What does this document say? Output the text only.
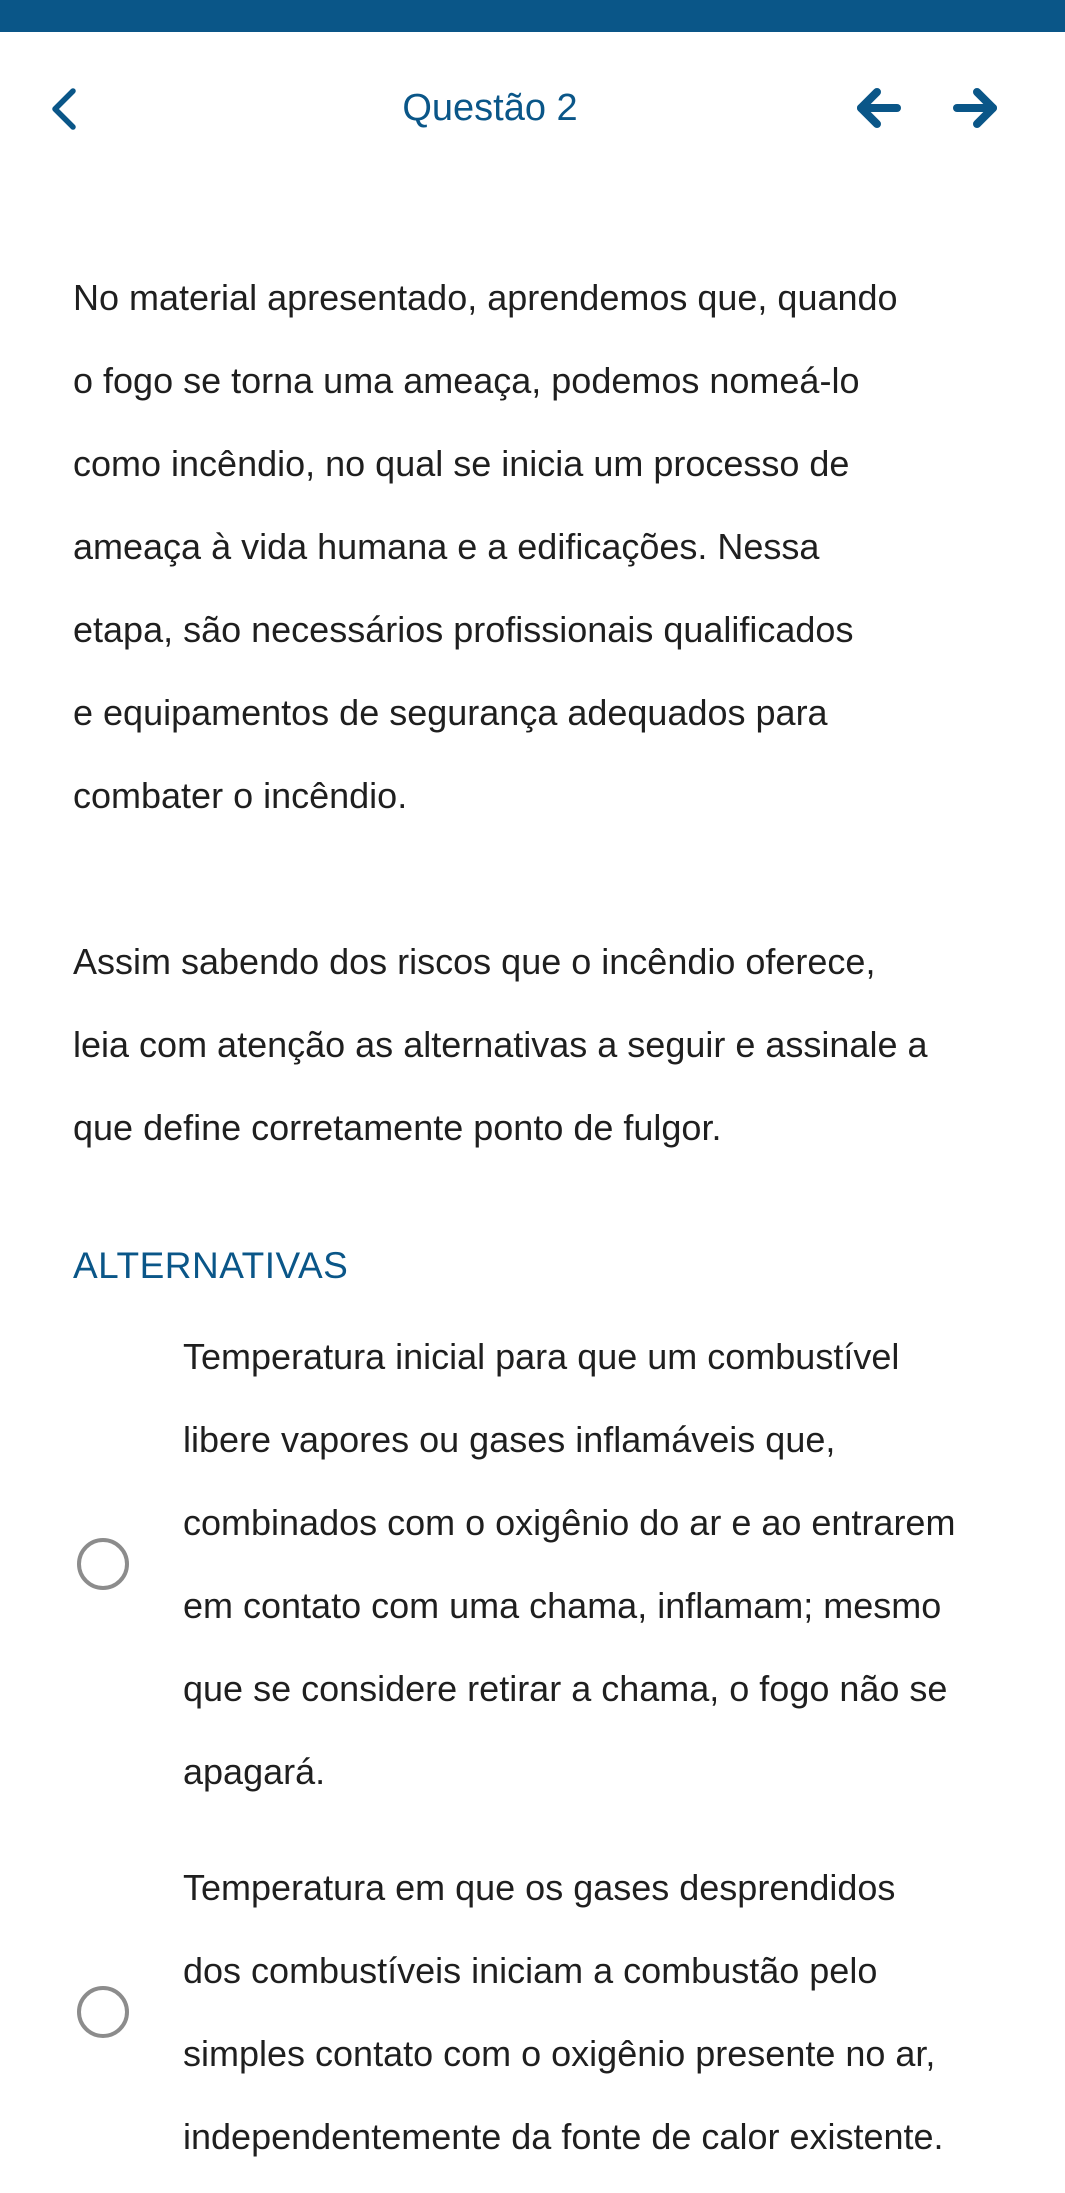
Questão 2

No material apresentado, aprendemos que, quando
o fogo se torna uma ameaça, podemos nomeá-lo
como incêndio, no qual se inicia um processo de
ameaça à vida humana e a edificações. Nessa
etapa, são necessários profissionais qualificados
e equipamentos de segurança adequados para
combater o incêndio.

Assim sabendo dos riscos que o incêndio oferece,
leia com atenção as alternativas a seguir e assinale a
que define corretamente ponto de fulgor.

ALTERNATIVAS
Temperatura inicial para que um combustível
libere vapores ou gases inflamáveis que,
combinados com o oxigênio do ar e ao entrarem
em contato com uma chama, inflamam; mesmo
que se considere retirar a chama, o fogo não se
apagará.
Temperatura em que os gases desprendidos
dos combustíveis iniciam a combustão pelo
simples contato com o oxigênio presente no ar,
independentemente da fonte de calor existente.
